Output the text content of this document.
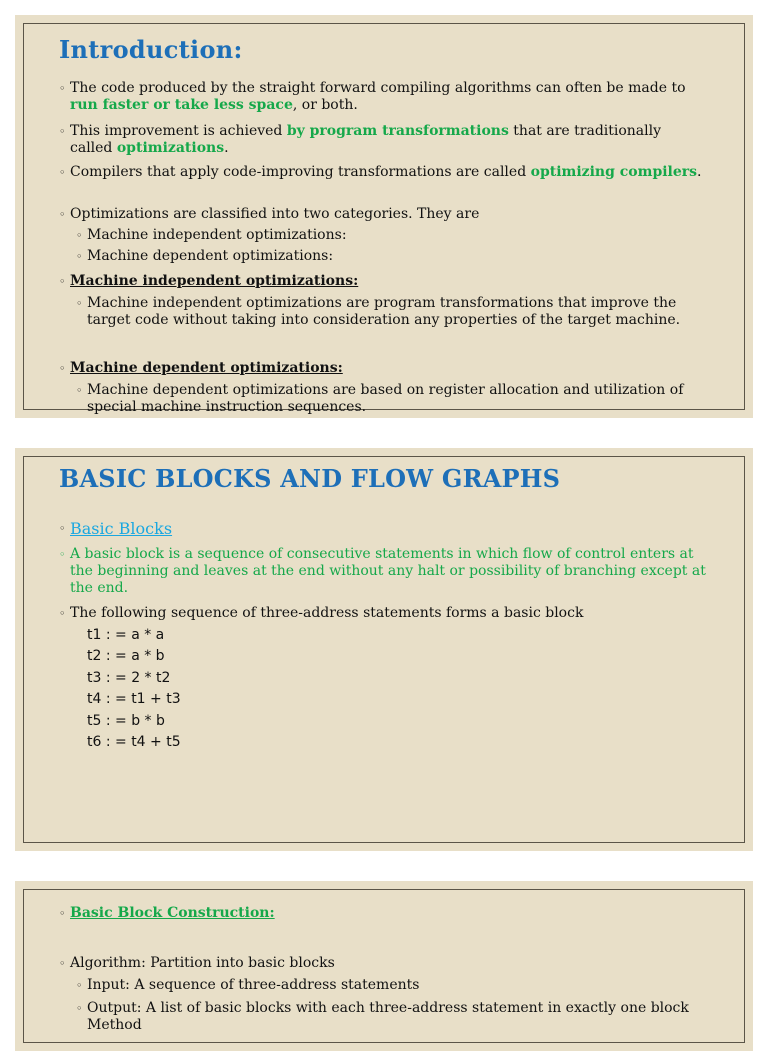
Introduction:
◦ The code produced by the straight forward compiling algorithms can often be made to run faster or take less space, or both.
◦ This improvement is achieved by program transformations that are traditionally called optimizations.
◦ Compilers that apply code-improving transformations are called optimizing compilers.
◦ Optimizations are classified into two categories. They are
◦ Machine independent optimizations:
◦ Machine dependent optimizations:
◦ Machine independent optimizations:
◦ Machine independent optimizations are program transformations that improve the target code without taking into consideration any properties of the target machine.
◦ Machine dependent optimizations:
◦ Machine dependent optimizations are based on register allocation and utilization of special machine instruction sequences.
BASIC BLOCKS AND FLOW GRAPHS
◦ Basic Blocks
◦ A basic block is a sequence of consecutive statements in which flow of control enters at the beginning and leaves at the end without any halt or possibility of branching except at the end.
◦ The following sequence of three-address statements forms a basic block
t1 : = a * a
t2 : = a * b
t3 : = 2 * t2
t4 : = t1 + t3
t5 : = b * b
t6 : = t4 + t5
◦ Basic Block Construction:
◦ Algorithm: Partition into basic blocks
◦ Input: A sequence of three-address statements
◦ Output: A list of basic blocks with each three-address statement in exactly one block Method
